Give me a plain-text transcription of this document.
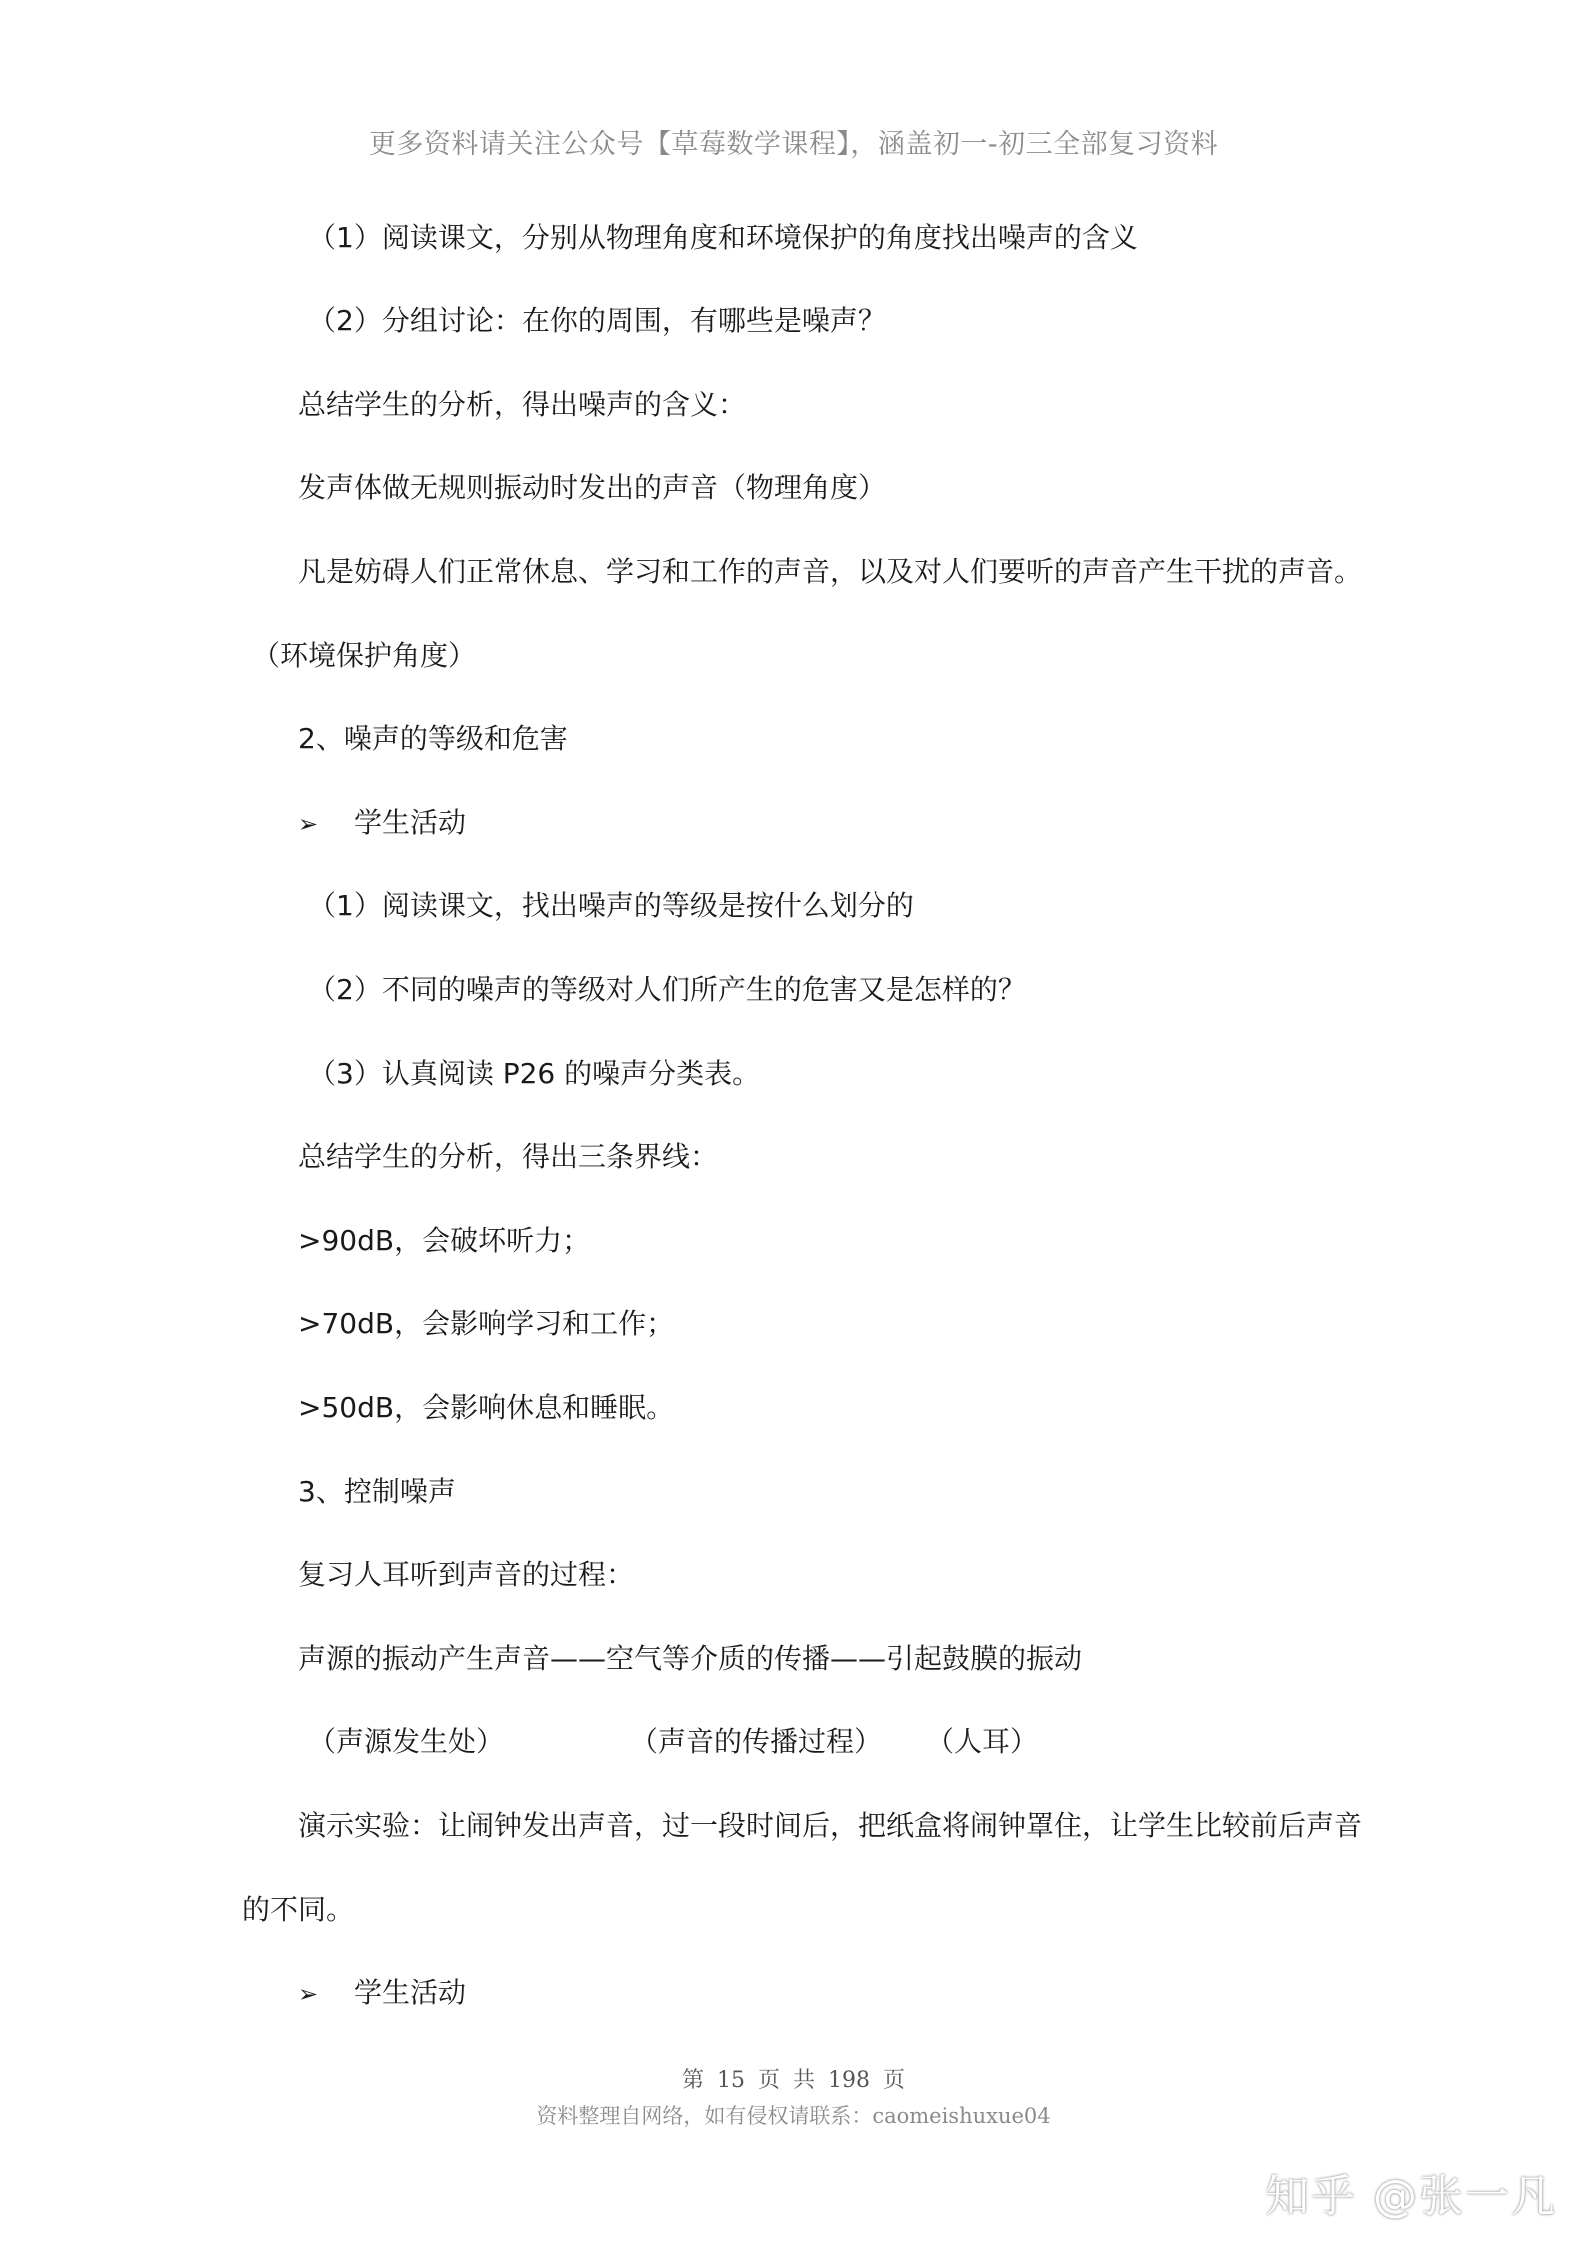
更多资料请关注公众号【草莓数学课程】，涵盖初一-初三全部复习资料
（1）阅读课文，分别从物理角度和环境保护的角度找出噪声的含义
（2）分组讨论：在你的周围，有哪些是噪声？
总结学生的分析，得出噪声的含义：
发声体做无规则振动时发出的声音（物理角度）
凡是妨碍人们正常休息、学习和工作的声音，以及对人们要听的声音产生干扰的声音。
（环境保护角度）
2、噪声的等级和危害
➢ 学生活动
（1）阅读课文，找出噪声的等级是按什么划分的
（2）不同的噪声的等级对人们所产生的危害又是怎样的？
（3）认真阅读 P26 的噪声分类表。
总结学生的分析，得出三条界线：
>90dB，会破坏听力；
>70dB，会影响学习和工作；
>50dB，会影响休息和睡眠。
3、控制噪声
复习人耳听到声音的过程：
声源的振动产生声音——空气等介质的传播——引起鼓膜的振动
（声源发生处）	（声音的传播过程） （人耳）
演示实验：让闹钟发出声音，过一段时间后，把纸盒将闹钟罩住，让学生比较前后声音
的不同。
➢ 学生活动
第 15 页 共 198 页
资料整理自网络，如有侵权请联系：caomeishuxue04
知乎 @张一凡
